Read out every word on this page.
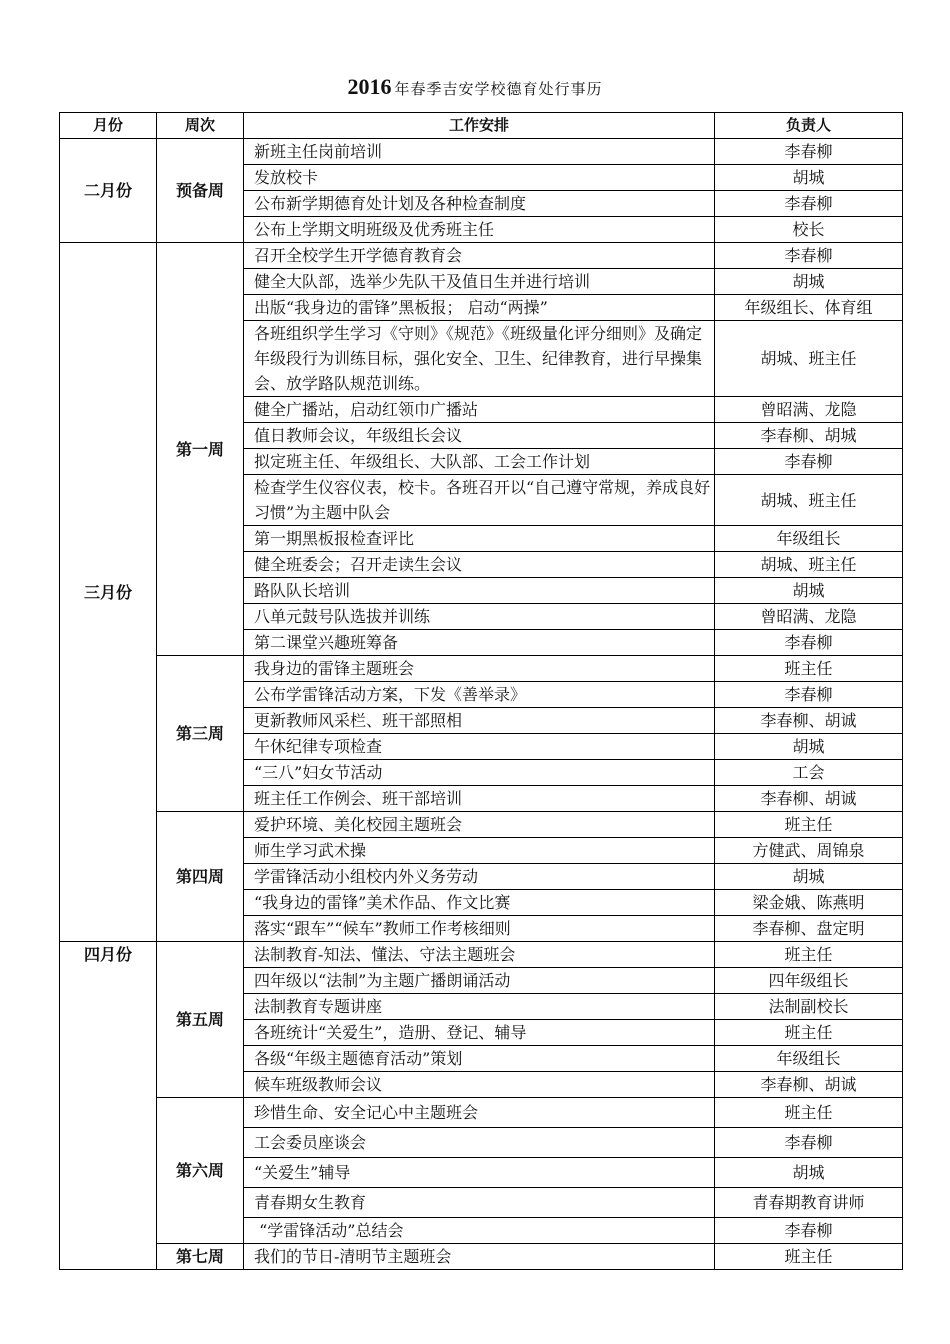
2016 年春季吉安学校德育处行事历
月份	周次	工作安排	负责人
二月份	预备周	新班主任岗前培训	李春柳
		发放校卡	胡城
		公布新学期德育处计划及各种检查制度	李春柳
		公布上学期文明班级及优秀班主任	校长
三月份	第一周	召开全校学生开学德育教育会	李春柳
		健全大队部，选举少先队干及值日生并进行培训	胡城
		出版“我身边的雷锋”黑板报； 启动“两操”	年级组长、体育组
		各班组织学生学习《守则》《规范》《班级量化评分细则》及确定年级段行为训练目标，强化安全、卫生、纪律教育，进行早操集会、放学路队规范训练。	胡城、班主任
		健全广播站，启动红领巾广播站	曾昭满、龙隐
		值日教师会议，年级组长会议	李春柳、胡城
		拟定班主任、年级组长、大队部、工会工作计划	李春柳
		检查学生仪容仪表，校卡。各班召开以“自己遵守常规，养成良好习惯”为主题中队会	胡城、班主任
		第一期黑板报检查评比	年级组长
		健全班委会；召开走读生会议	胡城、班主任
		路队队长培训	胡城
		八单元鼓号队选拔并训练	曾昭满、龙隐
		第二课堂兴趣班筹备	李春柳
	第三周	我身边的雷锋主题班会	班主任
		公布学雷锋活动方案，下发《善举录》	李春柳
		更新教师风采栏、班干部照相	李春柳、胡诚
		午休纪律专项检查	胡城
		“三八”妇女节活动	工会
		班主任工作例会、班干部培训	李春柳、胡诚
	第四周	爱护环境、美化校园主题班会	班主任
		师生学习武术操	方健武、周锦泉
		学雷锋活动小组校内外义务劳动	胡城
		“我身边的雷锋”美术作品、作文比赛	梁金娥、陈燕明
		落实“跟车”“候车”教师工作考核细则	李春柳、盘定明
四月份	第五周	法制教育-知法、懂法、守法主题班会	班主任
		四年级以“法制”为主题广播朗诵活动	四年级组长
		法制教育专题讲座	法制副校长
		各班统计“关爱生”，造册、登记、辅导	班主任
		各级“年级主题德育活动”策划	年级组长
		候车班级教师会议	李春柳、胡诚
	第六周	珍惜生命、安全记心中主题班会	班主任
		工会委员座谈会	李春柳
		“关爱生”辅导	胡城
		青春期女生教育	青春期教育讲师
		“学雷锋活动”总结会	李春柳
	第七周	我们的节日-清明节主题班会	班主任
